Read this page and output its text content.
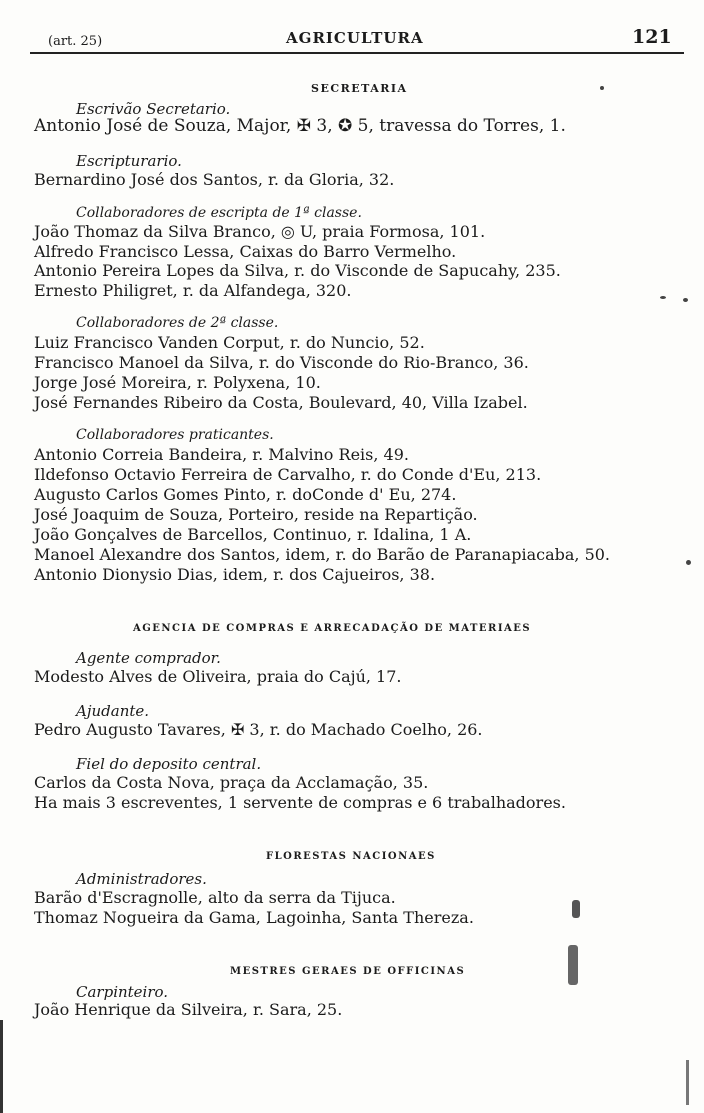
(art. 25)	AGRICULTURA	121
SECRETARIA
Escrivão Secretario.
Antonio José de Souza, Major, ✠ 3, ✪ 5, travessa do Torres, 1.
Escripturario.
Bernardino José dos Santos, r. da Gloria, 32.
Collaboradores de escripta de 1ª classe.
João Thomaz da Silva Branco, ◎ U, praia Formosa, 101.
Alfredo Francisco Lessa, Caixas do Barro Vermelho.
Antonio Pereira Lopes da Silva, r. do Visconde de Sapucahy, 235.
Ernesto Philigret, r. da Alfandega, 320.
Collaboradores de 2ª classe.
Luiz Francisco Vanden Corput, r. do Nuncio, 52.
Francisco Manoel da Silva, r. do Visconde do Rio-Branco, 36.
Jorge José Moreira, r. Polyxena, 10.
José Fernandes Ribeiro da Costa, Boulevard, 40, Villa Izabel.
Collaboradores praticantes.
Antonio Correia Bandeira, r. Malvino Reis, 49.
Ildefonso Octavio Ferreira de Carvalho, r. do Conde d'Eu, 213.
Augusto Carlos Gomes Pinto, r. doConde d' Eu, 274.
José Joaquim de Souza, Porteiro, reside na Repartição.
João Gonçalves de Barcellos, Continuo, r. Idalina, 1 A.
Manoel Alexandre dos Santos, idem, r. do Barão de Paranapiacaba, 50.
Antonio Dionysio Dias, idem, r. dos Cajueiros, 38.
AGENCIA DE COMPRAS E ARRECADAÇÃO DE MATERIAES
Agente comprador.
Modesto Alves de Oliveira, praia do Cajú, 17.
Ajudante.
Pedro Augusto Tavares, ✠ 3, r. do Machado Coelho, 26.
Fiel do deposito central.
Carlos da Costa Nova, praça da Acclamação, 35.
Ha mais 3 escreventes, 1 servente de compras e 6 trabalhadores.
FLORESTAS NACIONAES
Administradores.
Barão d'Escragnolle, alto da serra da Tijuca.
Thomaz Nogueira da Gama, Lagoinha, Santa Thereza.
MESTRES GERAES DE OFFICINAS
Carpinteiro.
João Henrique da Silveira, r. Sara, 25.
